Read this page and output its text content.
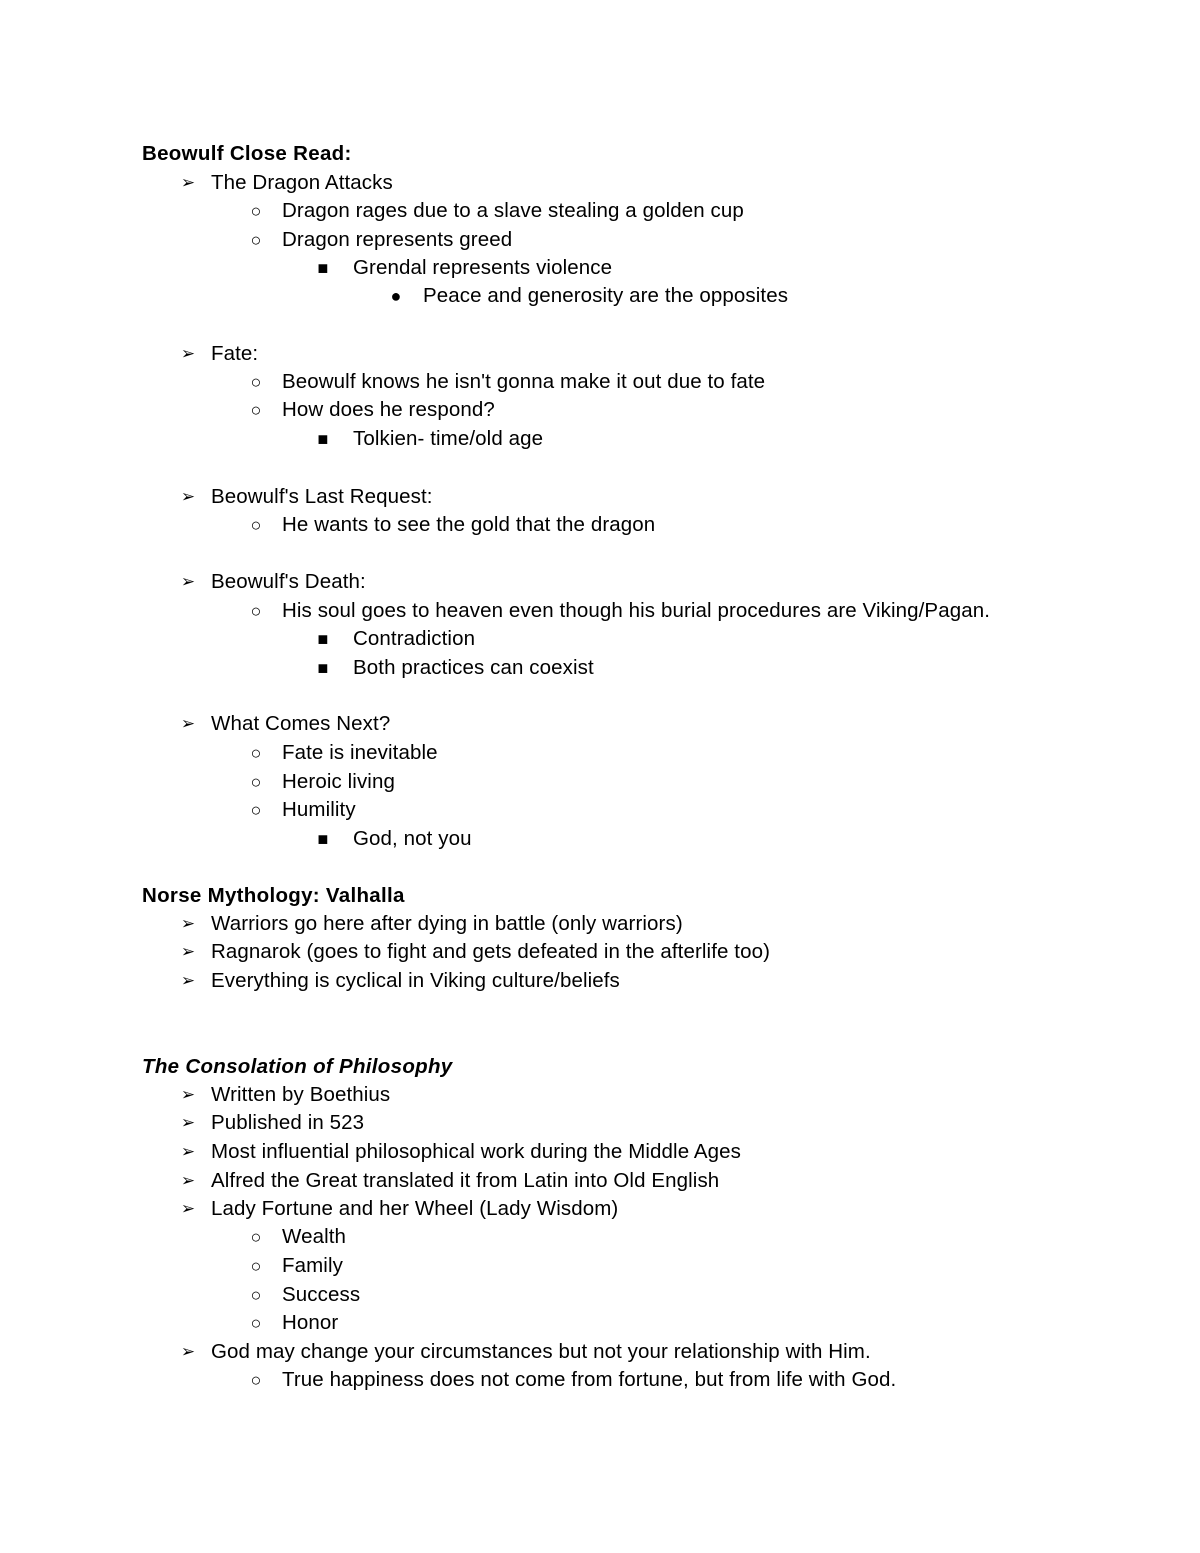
Beowulf Close Read:
➢ The Dragon Attacks
○	Dragon rages due to a slave stealing a golden cup
○	Dragon represents greed
■	Grendal represents violence
●	Peace and generosity are the opposites
➢ Fate:
○	Beowulf knows he isn't gonna make it out due to fate
○	How does he respond?
■	Tolkien- time/old age
➢ Beowulf's Last Request:
○	He wants to see the gold that the dragon
➢ Beowulf's Death:
○	His soul goes to heaven even though his burial procedures are Viking/Pagan.
■	Contradiction
■	Both practices can coexist
➢ What Comes Next?
○	Fate is inevitable
○	Heroic living
○	Humility
■	God, not you
Norse Mythology: Valhalla
➢ Warriors go here after dying in battle (only warriors)
➢ Ragnarok (goes to fight and gets defeated in the afterlife too)
➢ Everything is cyclical in Viking culture/beliefs
The Consolation of Philosophy
➢ Written by Boethius
➢ Published in 523
➢ Most influential philosophical work during the Middle Ages
➢ Alfred the Great translated it from Latin into Old English
➢ Lady Fortune and her Wheel (Lady Wisdom)
○	Wealth
○	Family
○	Success
○	Honor
➢ God may change your circumstances but not your relationship with Him.
○	True happiness does not come from fortune, but from life with God.
